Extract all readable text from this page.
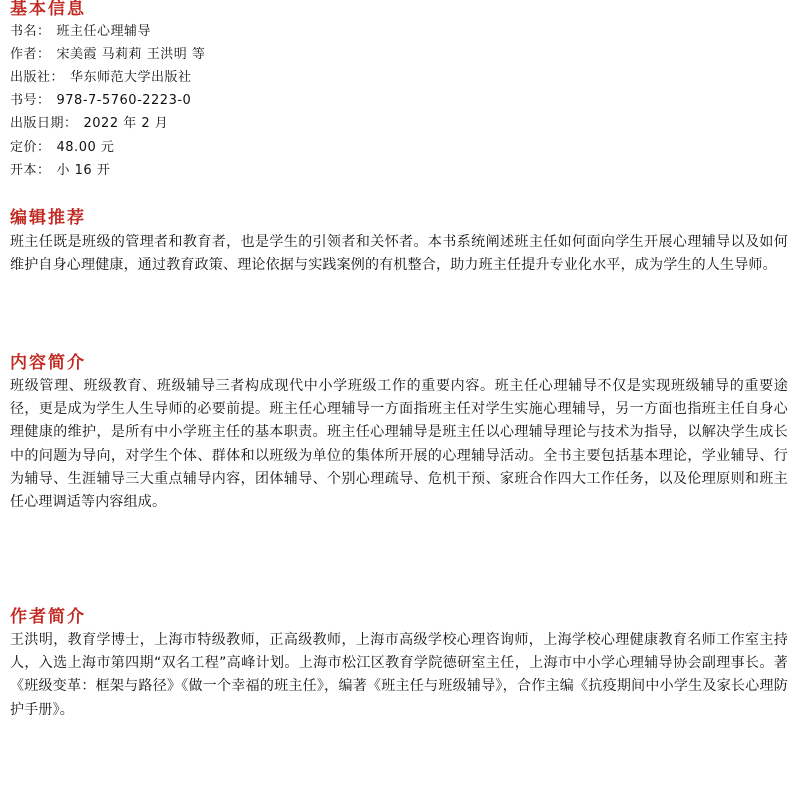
基本信息
书名： 班主任心理辅导
作者： 宋美霞 马莉莉 王洪明 等
出版社： 华东师范大学出版社
书号： 978-7-5760-2223-0
出版日期： 2022 年 2 月
定价： 48.00 元
开本： 小 16 开
编辑推荐

班主任既是班级的管理者和教育者，也是学生的引领者和关怀者。本书系统阐述班主任如何面向学生开展心理辅导以及如何维护自身心理健康，通过教育政策、理论依据与实践案例的有机整合，助力班主任提升专业化水平，成为学生的人生导师。

内容简介

班级管理、班级教育、班级辅导三者构成现代中小学班级工作的重要内容。班主任心理辅导不仅是实现班级辅导的重要途径，更是成为学生人生导师的必要前提。班主任心理辅导一方面指班主任对学生实施心理辅导，另一方面也指班主任自身心理健康的维护，是所有中小学班主任的基本职责。班主任心理辅导是班主任以心理辅导理论与技术为指导，以解决学生成长中的问题为导向，对学生个体、群体和以班级为单位的集体所开展的心理辅导活动。全书主要包括基本理论，学业辅导、行为辅导、生涯辅导三大重点辅导内容，团体辅导、个别心理疏导、危机干预、家班合作四大工作任务，以及伦理原则和班主任心理调适等内容组成。

作者简介

王洪明，教育学博士，上海市特级教师，正高级教师，上海市高级学校心理咨询师，上海学校心理健康教育名师工作室主持人，入选上海市第四期“双名工程”高峰计划。上海市松江区教育学院德研室主任，上海市中小学心理辅导协会副理事长。著《班级变革：框架与路径》《做一个幸福的班主任》，编著《班主任与班级辅导》，合作主编《抗疫期间中小学生及家长心理防护手册》。
